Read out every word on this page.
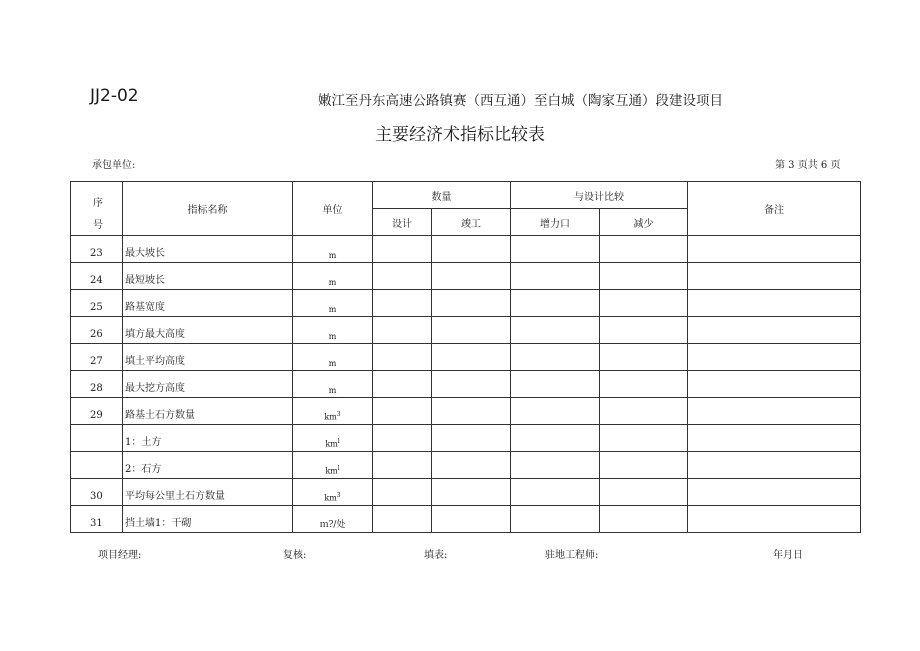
JJ2-02	嫩江至丹东高速公路镇赛（西互通）至白城（陶家互通）段建设项目
主要经济术指标比较表
承包单位:	第 3 页共 6 页
序
号	指标名称	单位	数量		与设计比较		备注
			设计	竣工	增力口	减少	
23	最大坡长	m					
24	最短坡长	m					
25	路基宽度	m					
26	填方最大高度	m					
27	填土平均高度	m					
28	最大挖方高度	m					
29	路基土石方数量	$km^3$					
	1：土方	$km^l$					
	2：石方	$km^l$					
30	平均每公里土石方数量	$km^3$					
31	挡土墙1：干砌	ｍ?/处					
项目经理:	复核:	填表:	驻地工程师:	年月日
